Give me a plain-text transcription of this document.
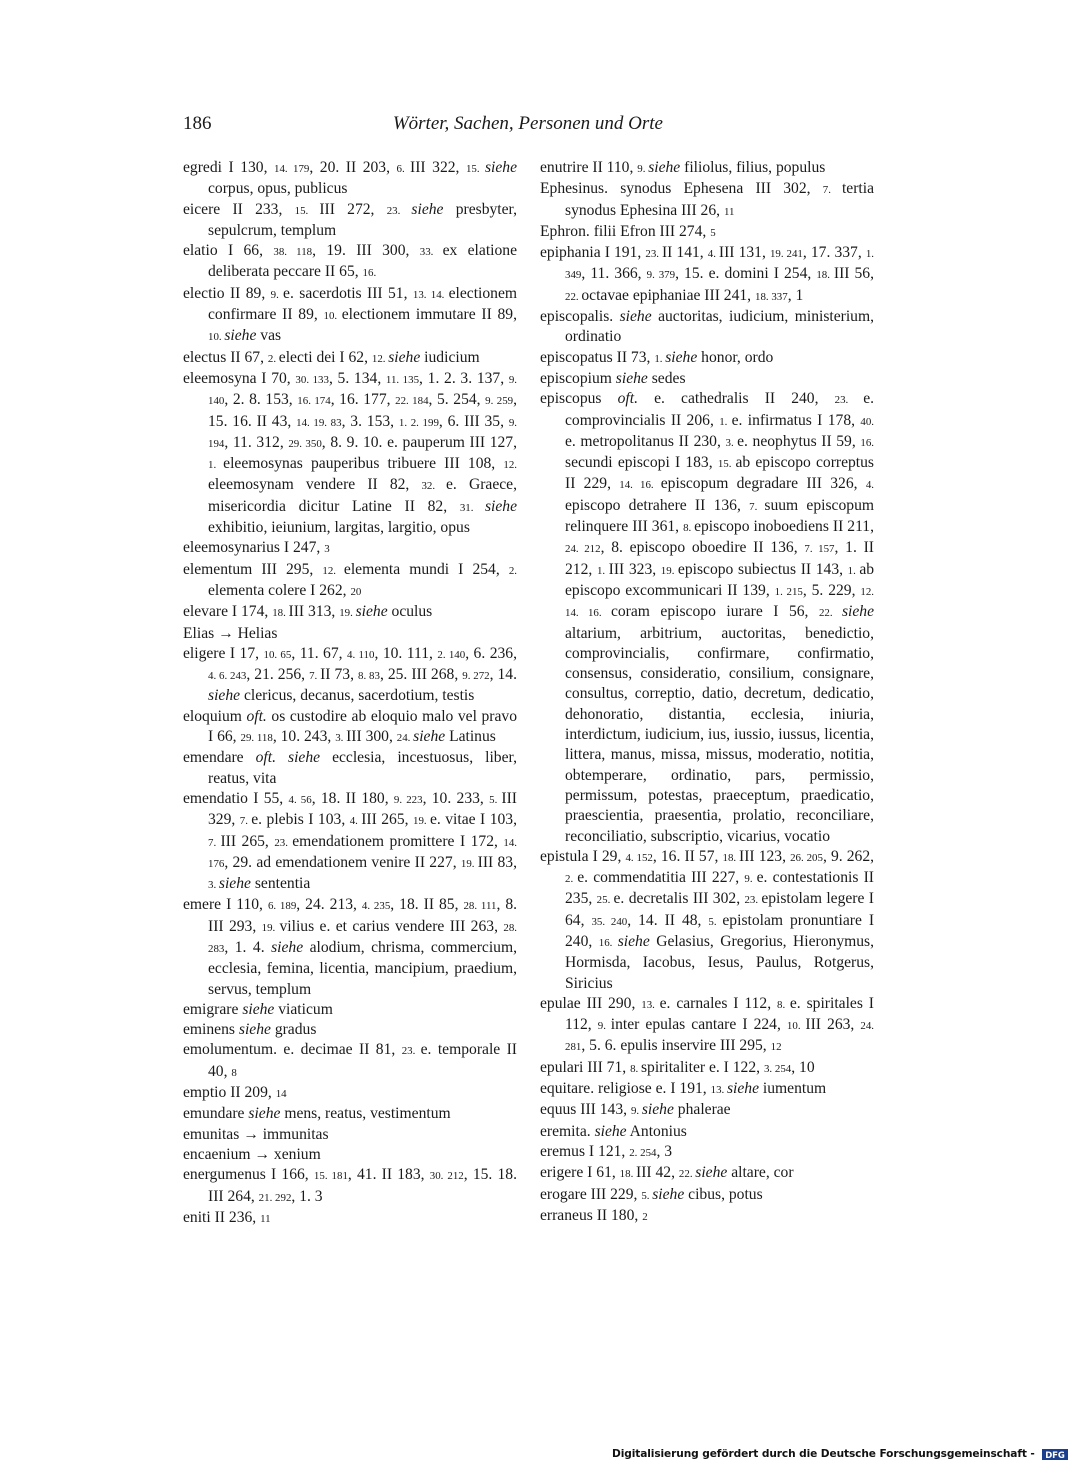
186	Wörter, Sachen, Personen und Orte

egredi I 130, 14. 179, 20. II 203, 6. III 322, 15. siehe corpus, opus, publicus

eicere II 233, 15. III 272, 23. siehe presbyter, sepulcrum, templum

elatio I 66, 38. 118, 19. III 300, 33. ex elatione deliberata peccare II 65, 16.

electio II 89, 9. e. sacerdotis III 51, 13. 14. electionem confirmare II 89, 10. electionem immutare II 89, 10. siehe vas

electus II 67, 2. electi dei I 62, 12. siehe iudicium

eleemosyna I 70, 30. 133, 5. 134, 11. 135, 1. 2. 3. 137, 9. 140, 2. 8. 153, 16. 174, 16. 177, 22. 184, 5. 254, 9. 259, 15. 16. II 43, 14. 19. 83, 3. 153, 1. 2. 199, 6. III 35, 9. 194, 11. 312, 29. 350, 8. 9. 10. e. pauperum III 127, 1. eleemosynas pauperibus tribuere III 108, 12. eleemosynam vendere II 82, 32. e. Graece, misericordia dicitur Latine II 82, 31. siehe exhibitio, ieiunium, largitas, largitio, opus

eleemosynarius I 247, 3

elementum III 295, 12. elementa mundi I 254, 2. elementa colere I 262, 20

elevare I 174, 18. III 313, 19. siehe oculus

Elias → Helias

eligere I 17, 10. 65, 11. 67, 4. 110, 10. 111, 2. 140, 6. 236, 4. 6. 243, 21. 256, 7. II 73, 8. 83, 25. III 268, 9. 272, 14. siehe clericus, decanus, sacerdotium, testis

eloquium oft. os custodire ab eloquio malo vel pravo I 66, 29. 118, 10. 243, 3. III 300, 24. siehe Latinus

emendare oft. siehe ecclesia, incestuosus, liber, reatus, vita

emendatio I 55, 4. 56, 18. II 180, 9. 223, 10. 233, 5. III 329, 7. e. plebis I 103, 4. III 265, 19. e. vitae I 103, 7. III 265, 23. emendationem promittere I 172, 14. 176, 29. ad emendationem venire II 227, 19. III 83, 3. siehe sententia

emere I 110, 6. 189, 24. 213, 4. 235, 18. II 85, 28. 111, 8. III 293, 19. vilius e. et carius vendere III 263, 28. 283, 1. 4. siehe alodium, chrisma, commercium, ecclesia, femina, licentia, mancipium, praedium, servus, templum

emigrare siehe viaticum

eminens siehe gradus

emolumentum. e. decimae II 81, 23. e. temporale II 40, 8

emptio II 209, 14

emundare siehe mens, reatus, vestimentum

emunitas → immunitas

encaenium → xenium

energumenus I 166, 15. 181, 41. II 183, 30. 212, 15. 18. III 264, 21. 292, 1. 3

eniti II 236, 11

enutrire II 110, 9. siehe filiolus, filius, populus

Ephesinus. synodus Ephesena III 302, 7. tertia synodus Ephesina III 26, 11

Ephron. filii Efron III 274, 5

epiphania I 191, 23. II 141, 4. III 131, 19. 241, 17. 337, 1. 349, 11. 366, 9. 379, 15. e. domini I 254, 18. III 56, 22. octavae epiphaniae III 241, 18. 337, 1

episcopalis. siehe auctoritas, iudicium, ministerium, ordinatio

episcopatus II 73, 1. siehe honor, ordo

episcopium siehe sedes

episcopus oft. e. cathedralis II 240, 23. e. comprovincialis II 206, 1. e. infirmatus I 178, 40. e. metropolitanus II 230, 3. e. neophytus II 59, 16. secundi episcopi I 183, 15. ab episcopo correptus II 229, 14. 16. episcopum degradare III 326, 4. episcopo detrahere II 136, 7. suum episcopum relinquere III 361, 8. episcopo inoboediens II 211, 24. 212, 8. episcopo oboedire II 136, 7. 157, 1. II 212, 1. III 323, 19. episcopo subiectus II 143, 1. ab episcopo excommunicari II 139, 1. 215, 5. 229, 12. 14. 16. coram episcopo iurare I 56, 22. siehe altarium, arbitrium, auctoritas, benedictio, comprovincialis, confirmare, confirmatio, consensus, consideratio, consilium, consignare, consultus, correptio, datio, decretum, dedicatio, dehonoratio, distantia, ecclesia, iniuria, interdictum, iudicium, ius, iussio, iussus, licentia, littera, manus, missa, missus, moderatio, notitia, obtemperare, ordinatio, pars, permissio, permissum, potestas, praeceptum, praedicatio, praescientia, praesentia, prolatio, reconciliare, reconciliatio, subscriptio, vicarius, vocatio

epistula I 29, 4. 152, 16. II 57, 18. III 123, 26. 205, 9. 262, 2. e. commendatitia III 227, 9. e. contestationis II 235, 25. e. decretalis III 302, 23. epistolam legere I 64, 35. 240, 14. II 48, 5. epistolam pronuntiare I 240, 16. siehe Gelasius, Gregorius, Hieronymus, Hormisda, Iacobus, Iesus, Paulus, Rotgerus, Siricius

epulae III 290, 13. e. carnales I 112, 8. e. spiritales I 112, 9. inter epulas cantare I 224, 10. III 263, 24. 281, 5. 6. epulis inservire III 295, 12

epulari III 71, 8. spiritaliter e. I 122, 3. 254, 10

equitare. religiose e. I 191, 13. siehe iumentum

equus III 143, 9. siehe phalerae

eremita. siehe Antonius

eremus I 121, 2. 254, 3

erigere I 61, 18. III 42, 22. siehe altare, cor

erogare III 229, 5. siehe cibus, potus

erraneus II 180, 2

Digitalisierung gefördert durch die Deutsche Forschungsgemeinschaft - DFG
